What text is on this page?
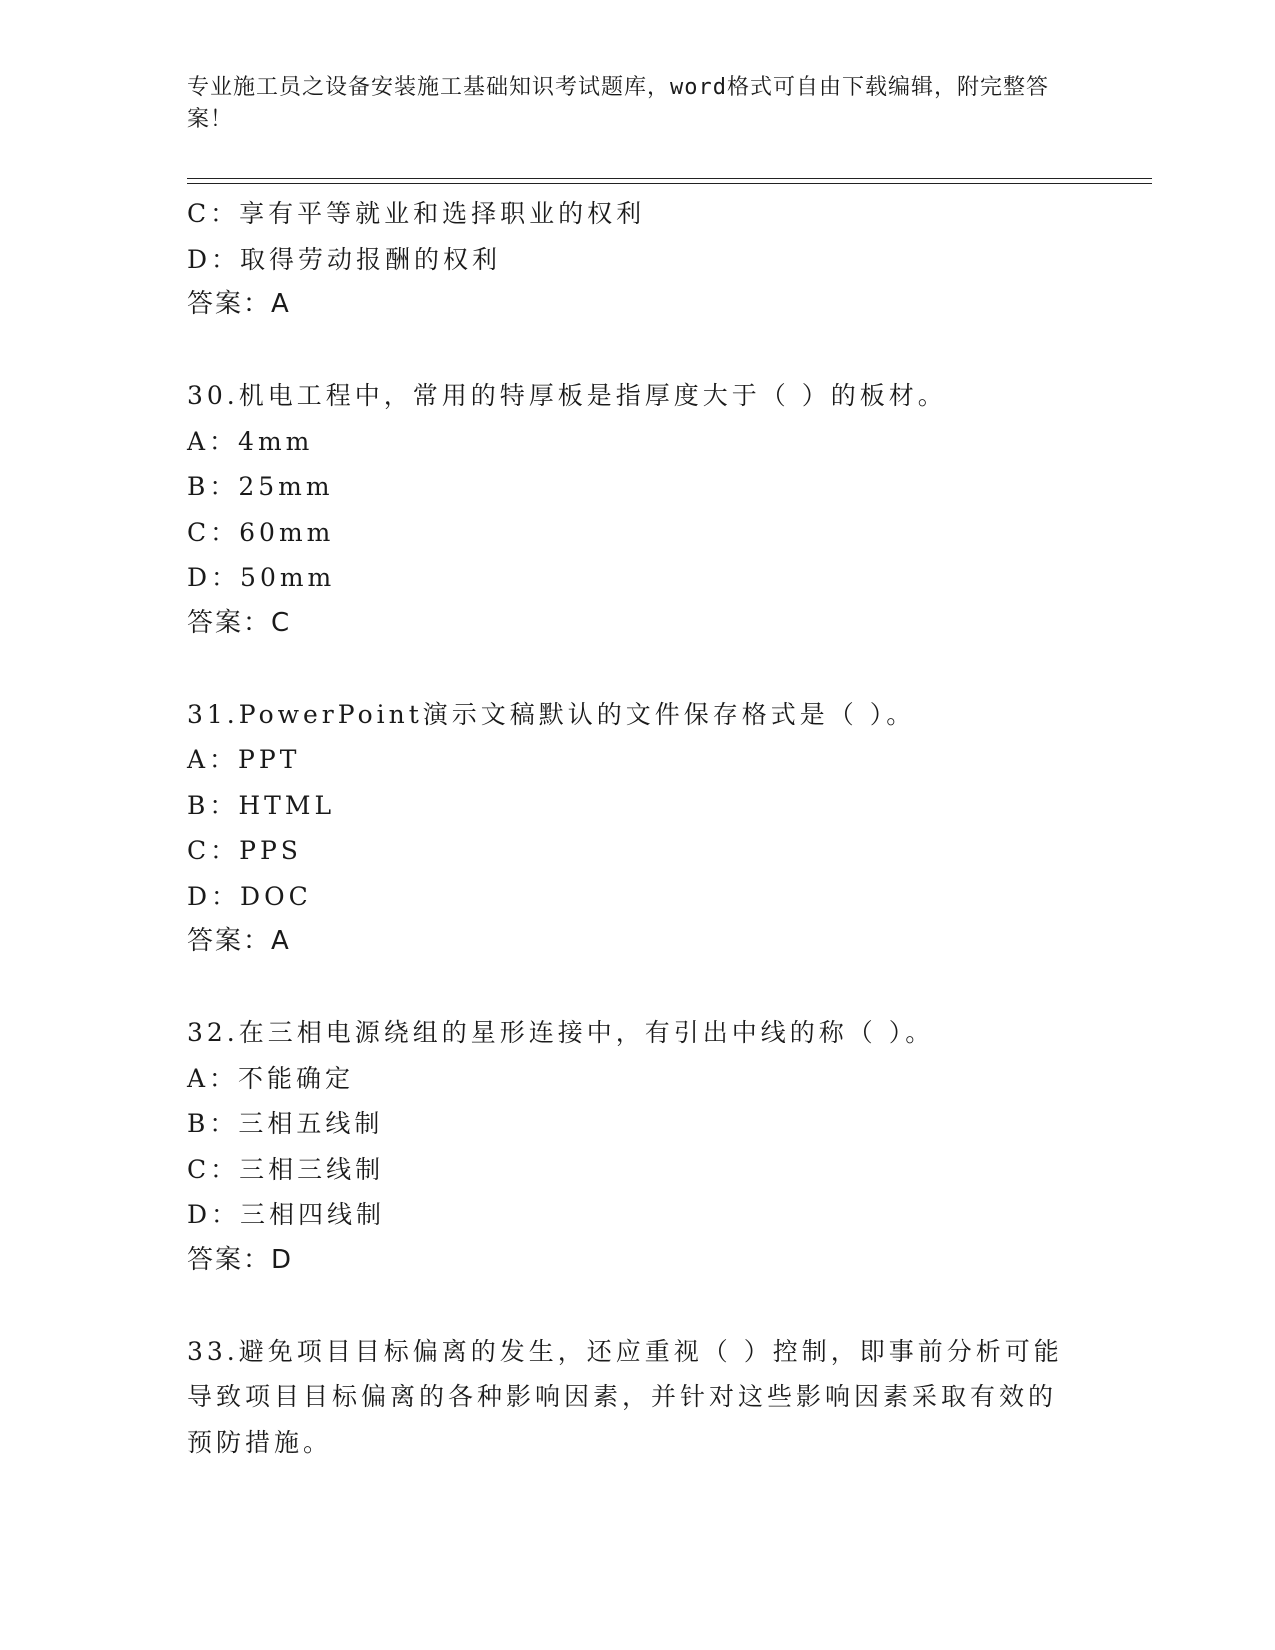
专业施工员之设备安装施工基础知识考试题库，word格式可自由下载编辑，附完整答案！
C：享有平等就业和选择职业的权利
D：取得劳动报酬的权利
答案：A
30.机电工程中，常用的特厚板是指厚度大于（ ）的板材。
A：4mm
B：25mm
C：60mm
D：50mm
答案：C
31.PowerPoint演示文稿默认的文件保存格式是（ ）。
A：PPT
B：HTML
C：PPS
D：DOC
答案：A
32.在三相电源绕组的星形连接中，有引出中线的称（ ）。
A：不能确定
B：三相五线制
C：三相三线制
D：三相四线制
答案：D
33.避免项目目标偏离的发生，还应重视（ ）控制，即事前分析可能导致项目目标偏离的各种影响因素，并针对这些影响因素采取有效的预防措施。
